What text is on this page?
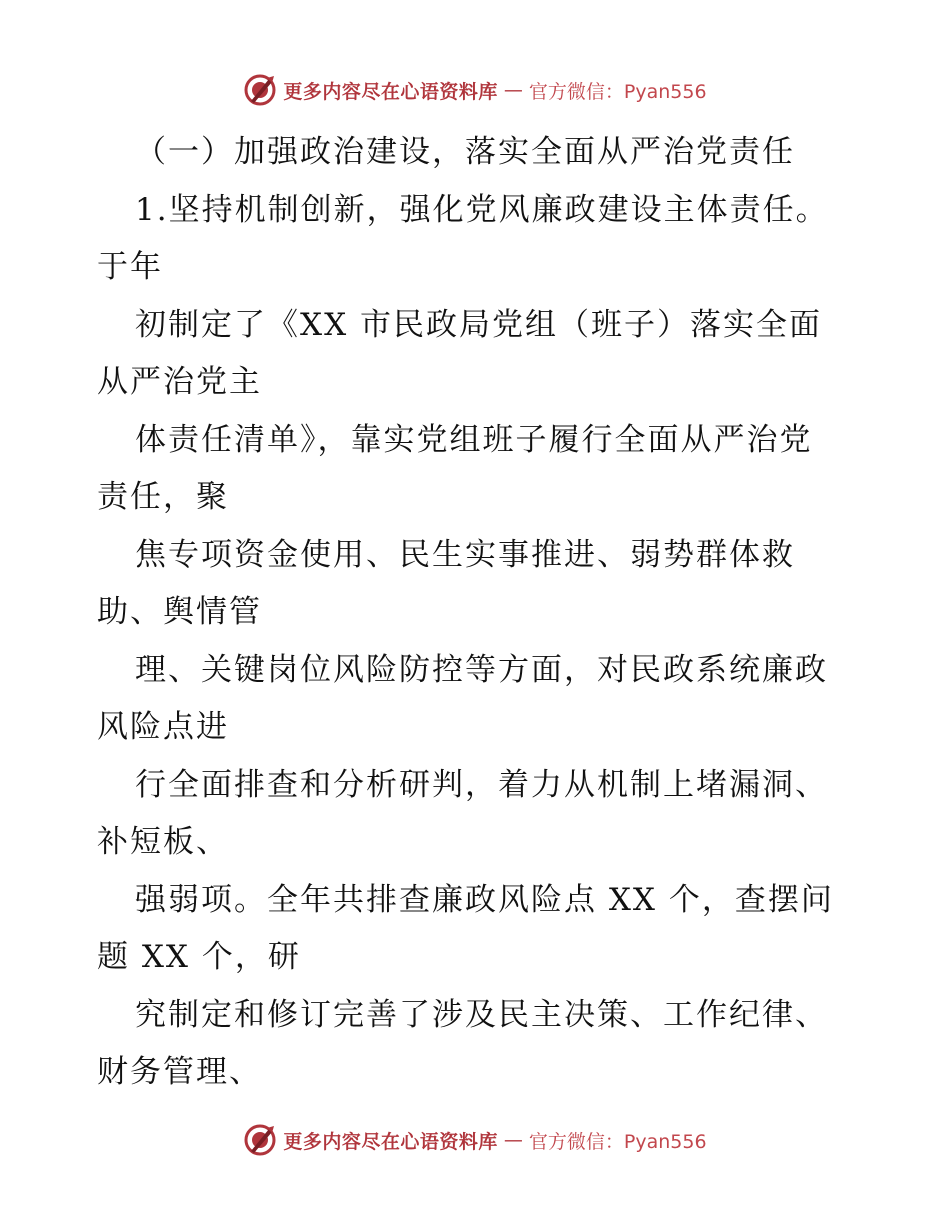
更多内容尽在心语资料库 — 官方微信：Pyan556
（一）加强政治建设，落实全面从严治党责任
1.坚持机制创新，强化党风廉政建设主体责任。
于年
初制定了《XX 市民政局党组（班子）落实全面
从严治党主
体责任清单》，靠实党组班子履行全面从严治党
责任，聚
焦专项资金使用、民生实事推进、弱势群体救
助、舆情管
理、关键岗位风险防控等方面，对民政系统廉政
风险点进
行全面排查和分析研判，着力从机制上堵漏洞、
补短板、
强弱项。全年共排查廉政风险点 XX 个，查摆问
题 XX 个，研
究制定和修订完善了涉及民主决策、工作纪律、
财务管理、
更多内容尽在心语资料库 — 官方微信：Pyan556
